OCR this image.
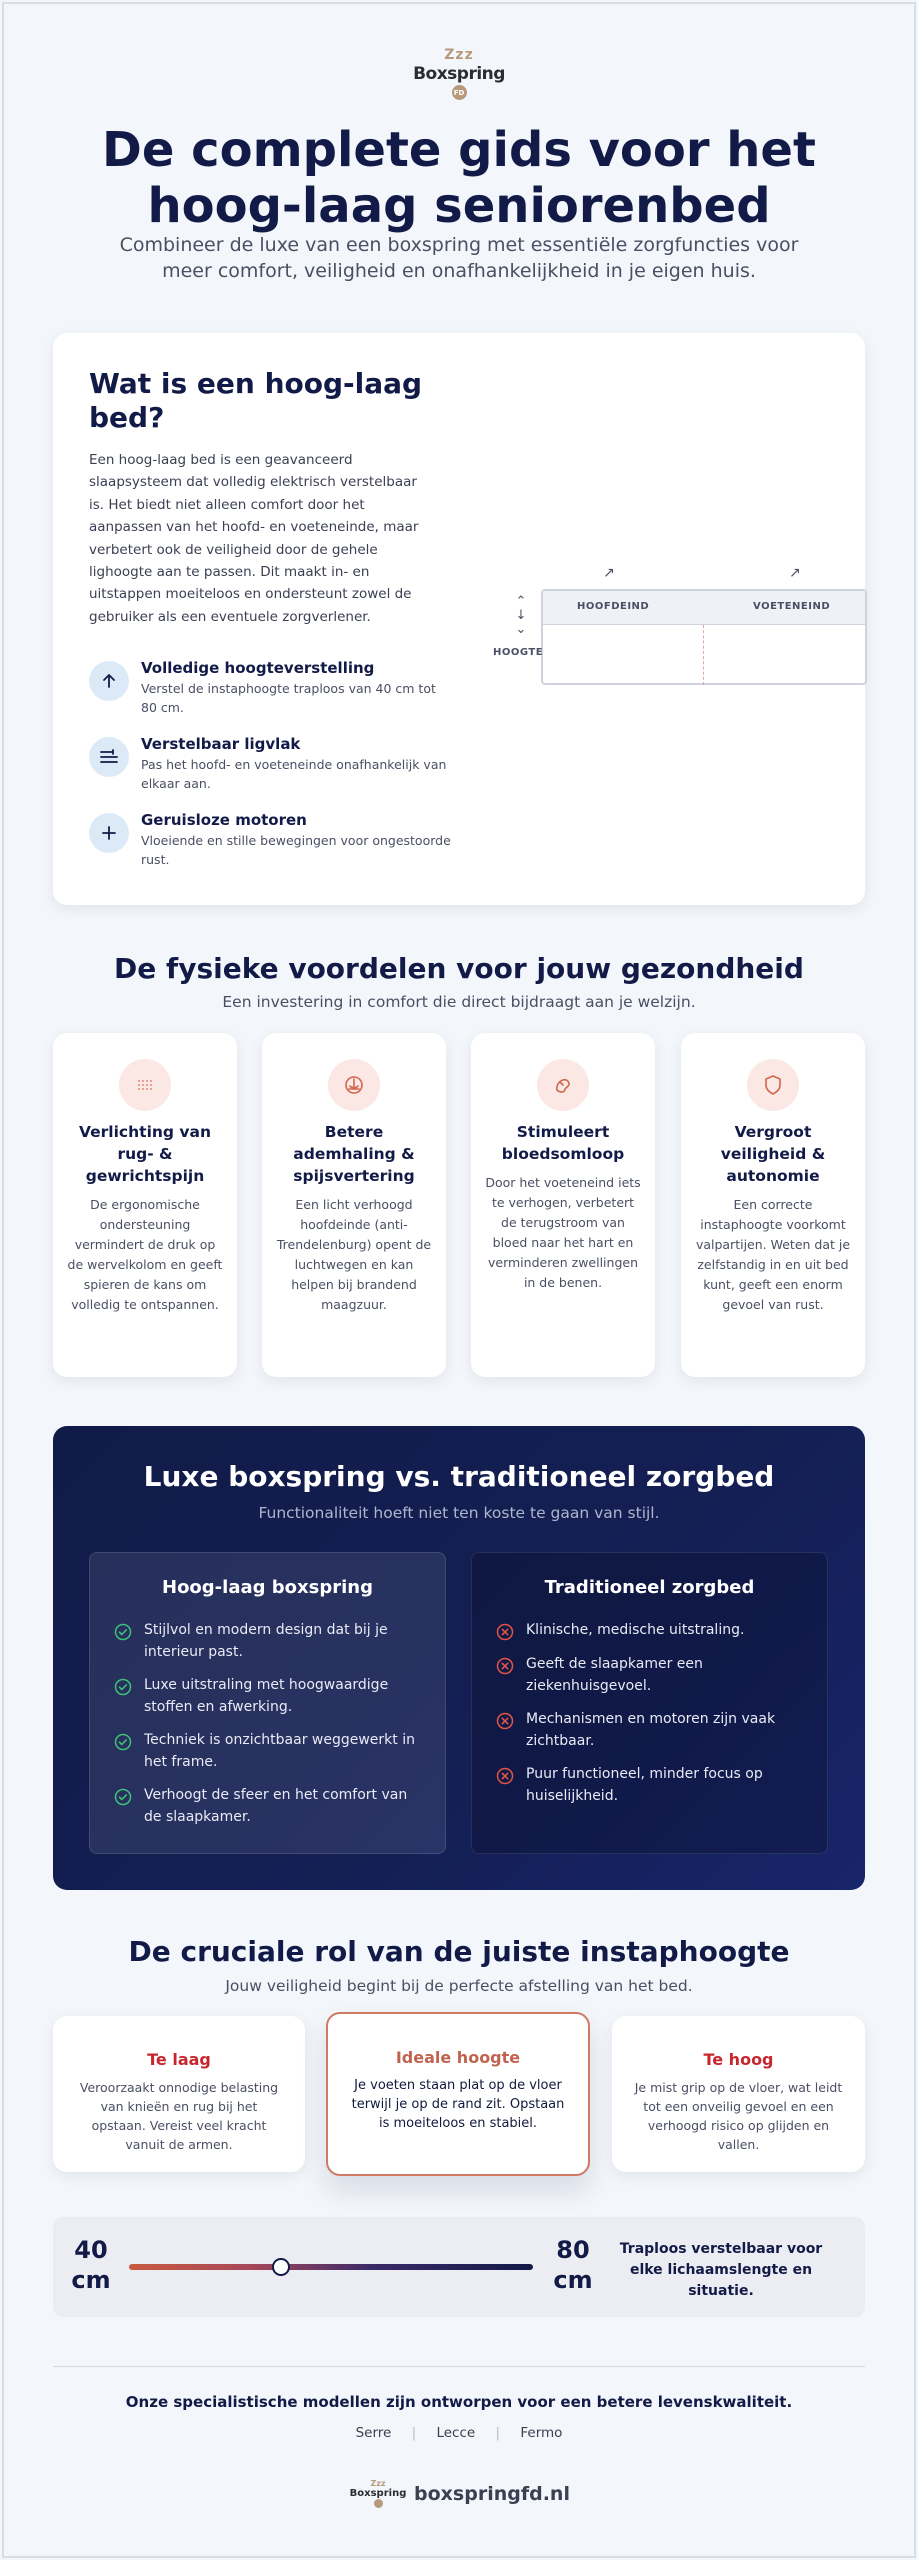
Zzz
Boxspring
FD
De complete gids voor het hoog-laag seniorenbed

Combineer de luxe van een boxspring met essentiële zorgfuncties voor meer comfort, veiligheid en onafhankelijkheid in je eigen huis.

Wat is een hoog-laag bed?

Een hoog-laag bed is een geavanceerd slaapsysteem dat volledig elektrisch verstelbaar is. Het biedt niet alleen comfort door het aanpassen van het hoofd- en voeteneinde, maar verbetert ook de veiligheid door de gehele lighoogte aan te passen. Dit maakt in- en uitstappen moeiteloos en ondersteunt zowel de gebruiker als een eventuele zorgverlener.

Volledige hoogteverstelling
Verstel de instaphoogte traploos van 40 cm tot 80 cm.
Verstelbaar ligvlak
Pas het hoofd- en voeteneinde onafhankelijk van elkaar aan.
Geruisloze motoren
Vloeiende en stille bewegingen voor ongestoorde rust.
↗	↗
HOOFDEIND	VOETENEIND
⌃
↓
⌄
HOOGTE
De fysieke voordelen voor jouw gezondheid

Een investering in comfort die direct bijdraagt aan je welzijn.

Verlichting van rug- & gewrichtspijn
De ergonomische ondersteuning vermindert de druk op de wervelkolom en geeft spieren de kans om volledig te ontspannen.
Betere ademhaling & spijsvertering
Een licht verhoogd hoofdeinde (anti-Trendelenburg) opent de luchtwegen en kan helpen bij brandend maagzuur.
Stimuleert bloedsomloop
Door het voeteneind iets te verhogen, verbetert de terugstroom van bloed naar het hart en verminderen zwellingen in de benen.
Vergroot veiligheid & autonomie
Een correcte instaphoogte voorkomt valpartijen. Weten dat je zelfstandig in en uit bed kunt, geeft een enorm gevoel van rust.
Luxe boxspring vs. traditioneel zorgbed

Functionaliteit hoeft niet ten koste te gaan van stijl.

Hoog-laag boxspring
Stijlvol en modern design dat bij je interieur past.
Luxe uitstraling met hoogwaardige stoffen en afwerking.
Techniek is onzichtbaar weggewerkt in het frame.
Verhoogt de sfeer en het comfort van de slaapkamer.
Traditioneel zorgbed
Klinische, medische uitstraling.
Geeft de slaapkamer een ziekenhuisgevoel.
Mechanismen en motoren zijn vaak zichtbaar.
Puur functioneel, minder focus op huiselijkheid.
De cruciale rol van de juiste instaphoogte

Jouw veiligheid begint bij de perfecte afstelling van het bed.

Te laag
Veroorzaakt onnodige belasting van knieën en rug bij het opstaan. Vereist veel kracht vanuit de armen.
Ideale hoogte
Je voeten staan plat op de vloer terwijl je op de rand zit. Opstaan is moeiteloos en stabiel.
Te hoog
Je mist grip op de vloer, wat leidt tot een onveilig gevoel en een verhoogd risico op glijden en vallen.
40 cm
80 cm
Traploos verstelbaar voor elke lichaamslengte en situatie.

Onze specialistische modellen zijn ontworpen voor een betere levenskwaliteit.

Serre | Lecce | Fermo
Zzz
Boxspring boxspringfd.nl
